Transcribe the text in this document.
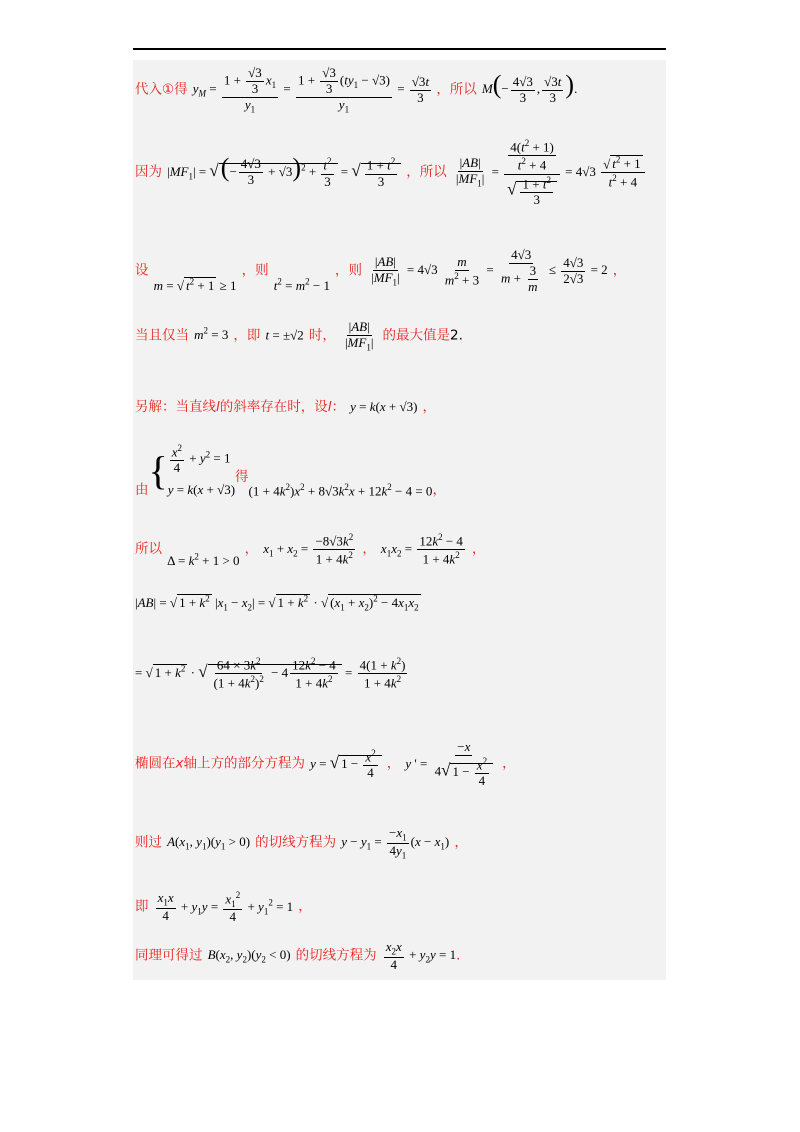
代入①得 $y_M = \frac{1 + \frac{√3}{3} x_1}{y_1} = \frac{1 + \frac{√3}{3} (ty_1 - √3)}{y_1} = \frac{√3t}{3}$ ，所以 $M(- \frac{4√3}{3}$ , $\frac{√3t}{3}$ ).
因为 $|MF_1|$ = √(− $\frac{4√3}{3} + √3)^2 + \frac{t^2}{3}$ = √ $\frac{1 + t^2}{3}$ ，所以 $\frac{|AB|}{|MF_1|} = \frac{\frac{4(t^2 + 1)}{t^2 + 4}}{√ \frac{1 + t^2}{3}} = 4√3 \frac{√ t^2 + 1}{t^2 + 4}$
设 $_{m = √ t^2 + 1 \ge 1}$ ，则 $_{t^2 = m^2 - 1}$ ，则 $\frac{|AB|}{|MF_1|} = 4√3 \frac{m}{m^2 + 3} = \frac{4√3}{m + \frac{3}{m}} \le \frac{4√3}{2√3} = 2$ ，
当且仅当 $m^2 = 3$ ，即 t = ±√2 时， $\frac{|AB|}{|MF_1|}$ 的最大值是2.
另解：当直线l的斜率存在时，设l： y = k(x + √3) ，
由 { $\frac{x^2}{4} + y^2 = 1$
y = k(x + √3)
得
$(1 + 4k^2)x^2 + 8√3k^2x + 12k^2 - 4 = 0$ ，
所以 $_{\Delta = k^2 + 1 > 0}$ ， $x_1 + x_2 = \frac{-8√3k^2}{1 + 4k^2}$ ， $x_1x_2 = \frac{12k^2 - 4}{1 + 4k^2}$ ，
|AB| = √ $1 + k^2$ $|x_1 - x_2|$ = √ $1 + k^2$ · √ $(x_1 + x_2)^2 - 4x_1x_2$
= √ $1 + k^2$ · √ $\frac{64 \times 3k^2}{(1 + 4k^2)^2} - 4 \frac{12k^2 - 4}{1 + 4k^2} = \frac{4(1 + k^2)}{1 + 4k^2}$
椭圆在x轴上方的部分方程为 y = √ $1 - \frac{x^2}{4}$ ， y ' = $\frac{-x}{4√ 1 - \frac{x^2}{4}}$ ，
则过 $A(x_1$, $y_1)(y_1 > 0)$ 的切线方程为 $y - y_1 = \frac{-x_1}{4y_1} (x - x_1)$ ，
即 $\frac{x_1x}{4} + y_1y = \frac{x_1^2}{4} + y_1^2 = 1$ ，
同理可得过 $B(x_2$, $y_2)(y_2 < 0)$ 的切线方程为 $\frac{x_2x}{4} + y_2y = 1$.
